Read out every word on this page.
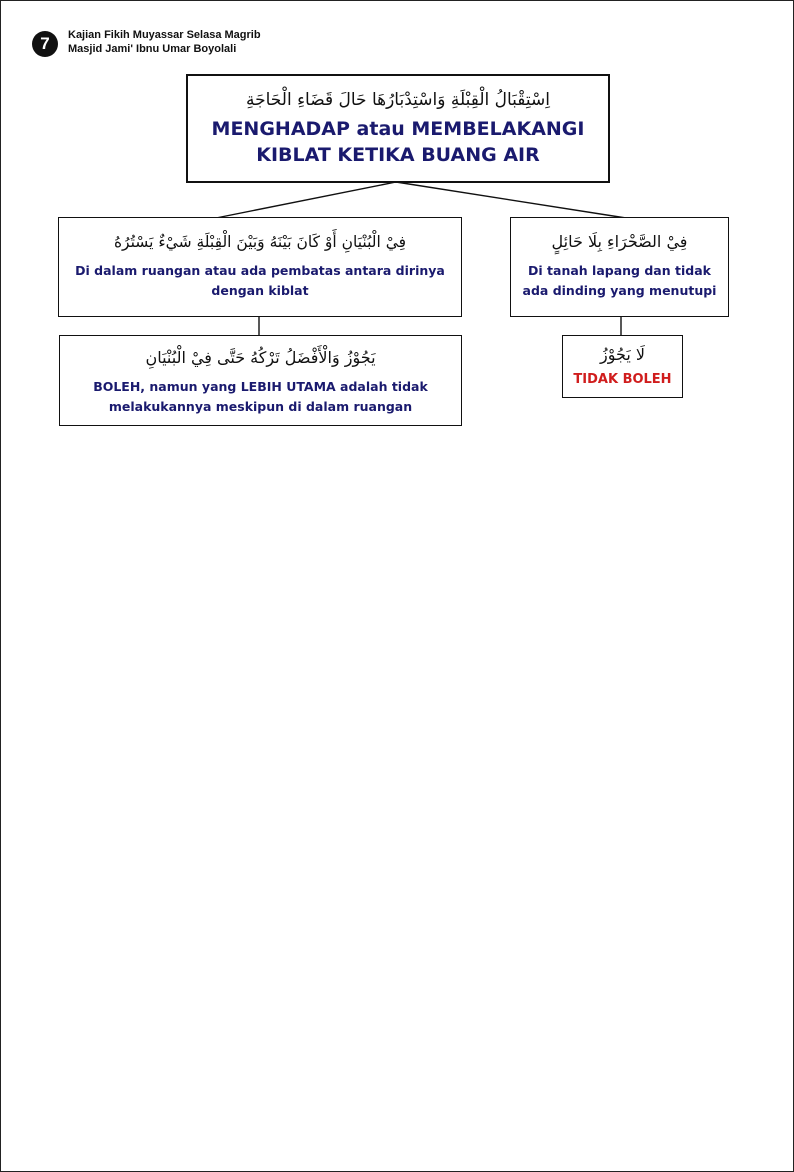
7	Kajian Fikih Muyassar Selasa Magrib
Masjid Jami' Ibnu Umar Boyolali
اِسْتِقْبَالُ الْقِبْلَةِ وَاسْتِدْبَارُهَا حَالَ قَضَاءِ الْحَاجَةِ
MENGHADAP atau MEMBELAKANGI
KIBLAT KETIKA BUANG AIR
فِيْ الْبُنْيَانِ أَوْ كَانَ بَيْنَهُ وَبَيْنَ الْقِبْلَةِ شَيْءٌ يَسْتُرُهُ
Di dalam ruangan atau ada pembatas antara dirinya
dengan kiblat
فِيْ الصَّحْرَاءِ بِلَا حَائِلٍ
Di tanah lapang dan tidak
ada dinding yang menutupi
يَجُوْزُ وَالْأَفْضَلُ تَرْكُهُ حَتَّى فِيْ الْبُنْيَانِ
BOLEH, namun yang LEBIH UTAMA adalah tidak
melakukannya meskipun di dalam ruangan
لَا يَجُوْزُ
TIDAK BOLEH
